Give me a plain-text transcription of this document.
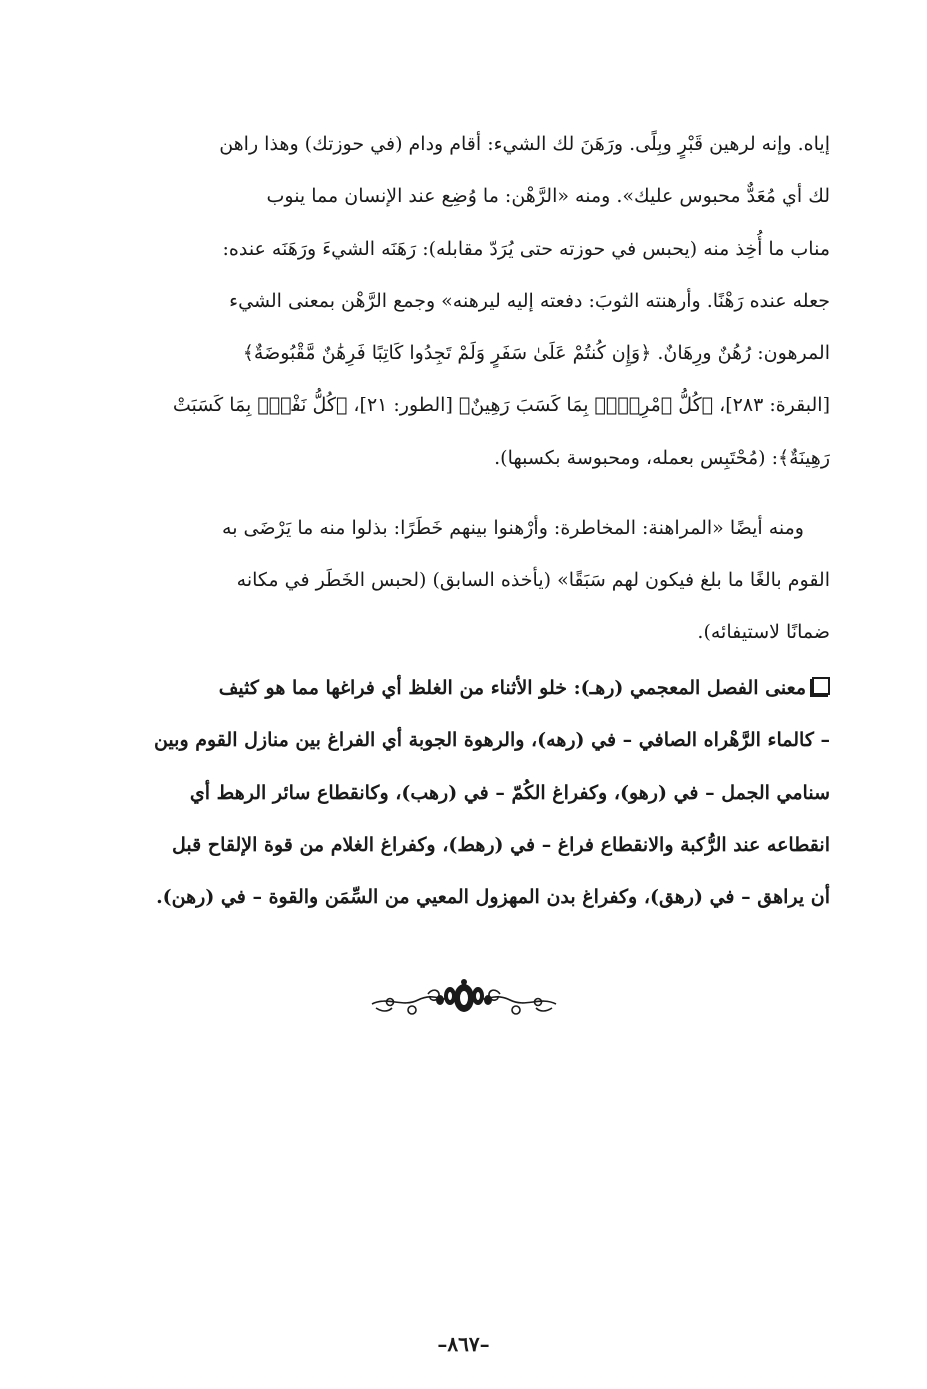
إياه. وإنه لرهين قَبْرٍ وبِلًى. ورَهَنَ لك الشيء: أقام ودام (في حوزتك) وهذا راهن
لك أي مُعَدٌّ محبوس عليك». ومنه «الرَّهْن: ما وُضِع عند الإنسان مما ينوب
مناب ما أُخِذ منه (يحبس في حوزته حتى يُرَدّ مقابله): رَهَنَه الشيءَ ورَهَنَه عنده:
جعله عنده رَهْنًا. وأرهنته الثوبَ: دفعته إليه ليرهنه» وجمع الرَّهْن بمعنى الشيء
المرهون: رُهُنٌ ورِهَانٌ. ﴿وَإِن كُنتُمْ عَلَىٰ سَفَرٍ وَلَمْ تَجِدُوا كَاتِبًا فَرِهَٰنٌ مَّقْبُوضَةٌ﴾
[البقرة: ٢٨٣]، ﴿كُلُّ ٱمْرِيِٕۭ بِمَا كَسَبَ رَهِينٌ﴾ [الطور: ٢١]، ﴿كُلُّ نَفْسٍۭ بِمَا كَسَبَتْ
رَهِينَةٌ﴾: (مُحْتَبِس بعمله، ومحبوسة بكسبها).
ومنه أيضًا «المراهنة: المخاطرة: وأرْهنوا بينهم خَطَرًا: بذلوا منه ما يَرْضَى به
القوم بالغًا ما بلغ فيكون لهم سَبَقًا» (يأخذه السابق) (لحبس الخَطَر في مكانه
ضمانًا لاستيفائه).
معنى الفصل المعجمي (رهـ): خلو الأثناء من الغلظ أي فراغها مما هو كثيف
– كالماء الرَّهْراه الصافي – في (رهه)، والرهوة الجوبة أي الفراغ بين منازل القوم وبين
سنامي الجمل – في (رهو)، وكفراغ الكُمّ – في (رهب)، وكانقطاع سائر الرهط أي
انقطاعه عند الرُّكبة والانقطاع فراغ – في (رهط)، وكفراغ الغلام من قوة الإلقاح قبل
أن يراهق – في (رهق)، وكفراغ بدن المهزول المعيي من السِّمَن والقوة – في (رهن).
–٨٦٧–
